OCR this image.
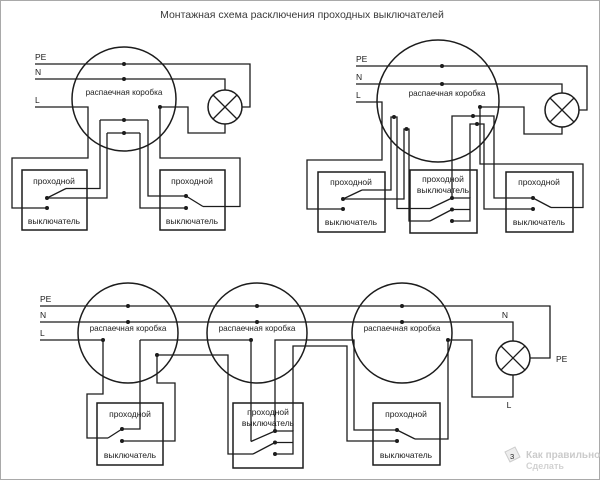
Монтажная схема расключения проходных выключателей
распаечная коробка
проходной
выключатель
проходной
выключатель
PE
N
L
распаечная коробка
проходной
выключатель
проходной
выключатель
проходной
выключатель
PE
N
L
распаечная коробка	распаечная коробка	распаечная коробка
проходной
выключатель
проходной
выключатель
проходной
выключатель
PE
N
L
N
PE
L
З Как правильно
Сделать
